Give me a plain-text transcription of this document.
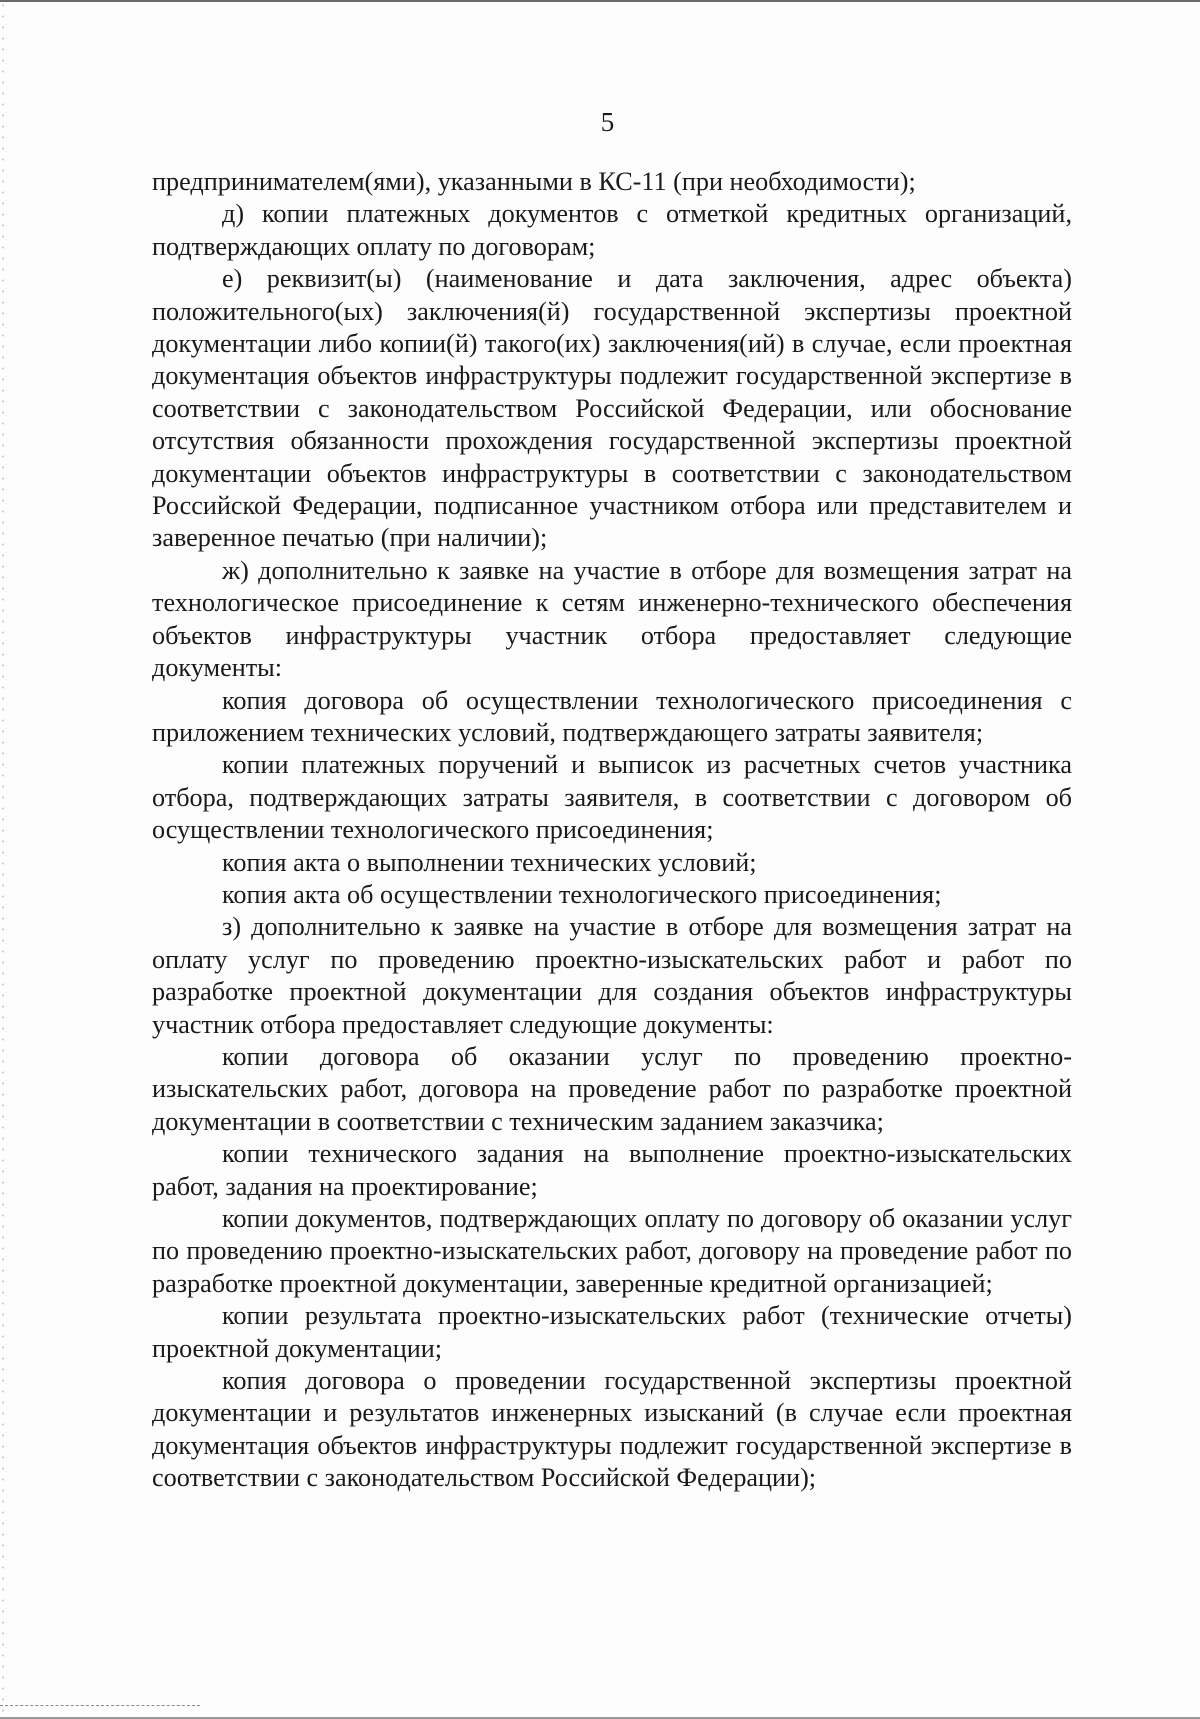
5

предпринимателем(ями), указанными в КС-11 (при необходимости);

д) копии платежных документов с отметкой кредитных организаций, подтверждающих оплату по договорам;

е) реквизит(ы) (наименование и дата заключения, адрес объекта) положительного(ых) заключения(й) государственной экспертизы проектной документации либо копии(й) такого(их) заключения(ий) в случае, если проектная документация объектов инфраструктуры подлежит государственной экспертизе в соответствии с законодательством Российской Федерации, или обоснование отсутствия обязанности прохождения государственной экспертизы проектной документации объектов инфраструктуры в соответствии с законодательством Российской Федерации, подписанное участником отбора или представителем и заверенное печатью (при наличии);

ж) дополнительно к заявке на участие в отборе для возмещения затрат на технологическое присоединение к сетям инженерно-технического обеспечения объектов инфраструктуры участник отбора предоставляет следующие документы:

копия договора об осуществлении технологического присоединения с приложением технических условий, подтверждающего затраты заявителя;

копии платежных поручений и выписок из расчетных счетов участника отбора, подтверждающих затраты заявителя, в соответствии с договором об осуществлении технологического присоединения;

копия акта о выполнении технических условий;

копия акта об осуществлении технологического присоединения;

з) дополнительно к заявке на участие в отборе для возмещения затрат на оплату услуг по проведению проектно-изыскательских работ и работ по разработке проектной документации для создания объектов инфраструктуры участник отбора предоставляет следующие документы:

копии договора об оказании услуг по проведению проектно-изыскательских работ, договора на проведение работ по разработке проектной документации в соответствии с техническим заданием заказчика;

копии технического задания на выполнение проектно-изыскательских работ, задания на проектирование;

копии документов, подтверждающих оплату по договору об оказании услуг по проведению проектно-изыскательских работ, договору на проведение работ по разработке проектной документации, заверенные кредитной организацией;

копии результата проектно-изыскательских работ (технические отчеты) проектной документации;

копия договора о проведении государственной экспертизы проектной документации и результатов инженерных изысканий (в случае если проектная документация объектов инфраструктуры подлежит государственной экспертизе в соответствии с законодательством Российской Федерации);
